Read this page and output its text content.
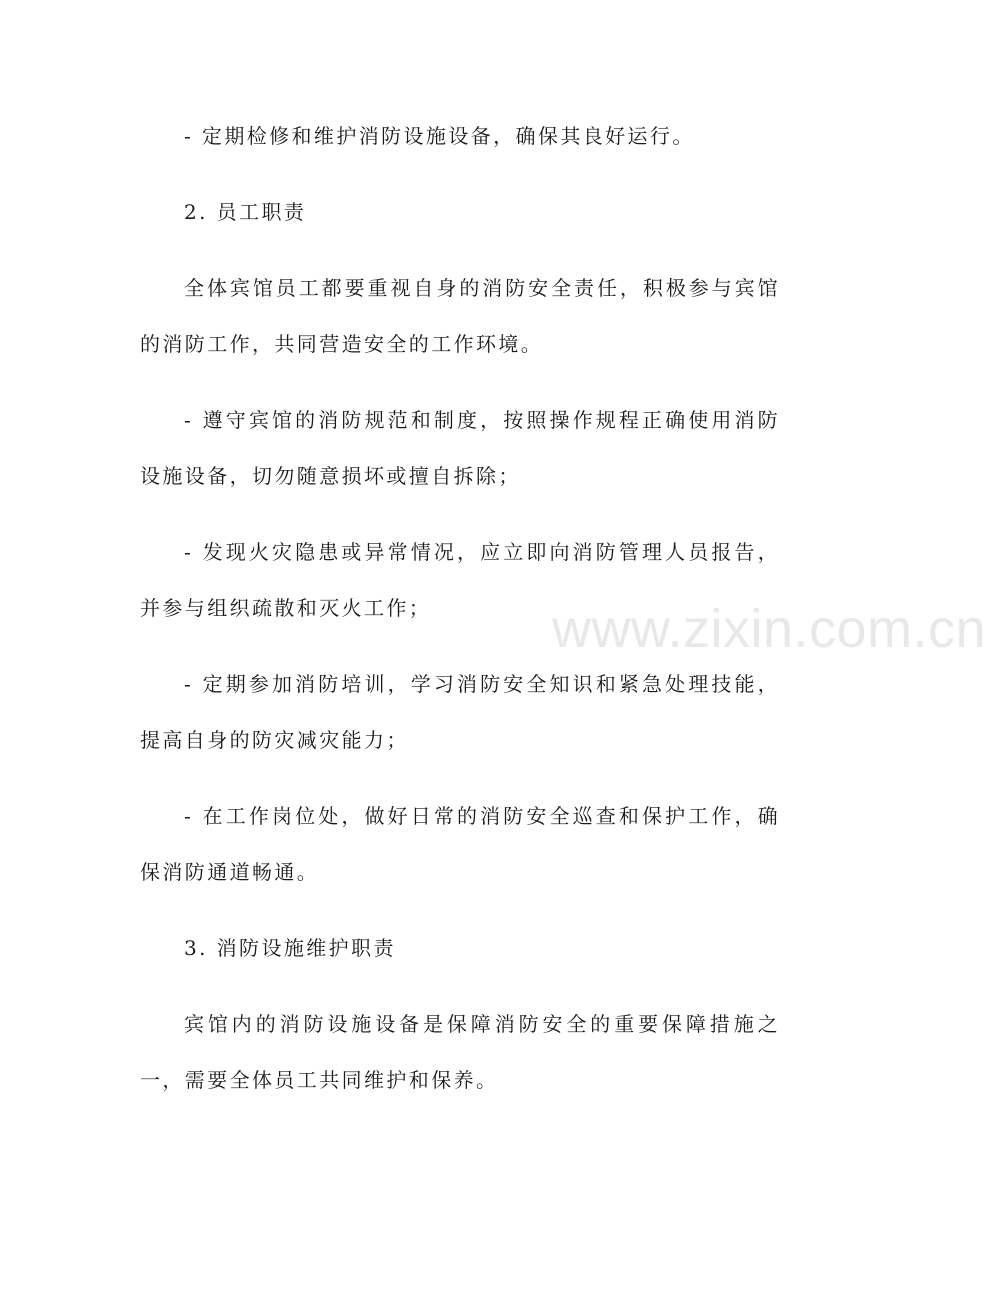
- 定期检修和维护消防设施设备，确保其良好运行。

2. 员工职责

全体宾馆员工都要重视自身的消防安全责任，积极参与宾馆的消防工作，共同营造安全的工作环境。

- 遵守宾馆的消防规范和制度，按照操作规程正确使用消防设施设备，切勿随意损坏或擅自拆除；

- 发现火灾隐患或异常情况，应立即向消防管理人员报告，并参与组织疏散和灭火工作；

- 定期参加消防培训，学习消防安全知识和紧急处理技能，提高自身的防灾减灾能力；

- 在工作岗位处，做好日常的消防安全巡查和保护工作，确保消防通道畅通。

3. 消防设施维护职责

宾馆内的消防设施设备是保障消防安全的重要保障措施之一，需要全体员工共同维护和保养。

www.zixin.com.cn
